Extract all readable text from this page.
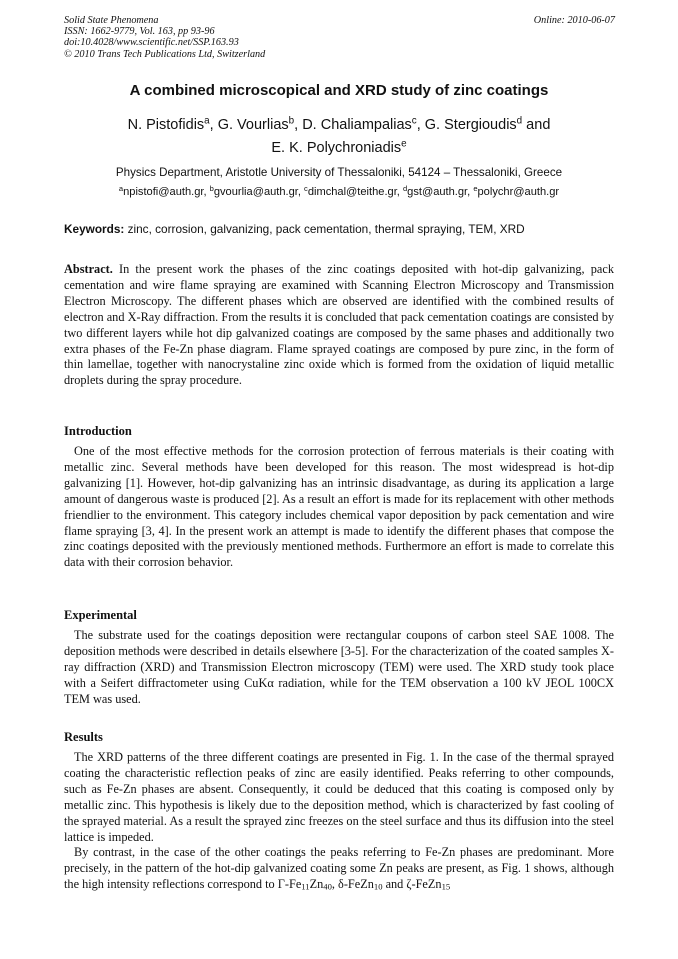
Solid State Phenomena
ISSN: 1662-9779, Vol. 163, pp 93-96
doi:10.4028/www.scientific.net/SSP.163.93
© 2010 Trans Tech Publications Ltd, Switzerland
Online: 2010-06-07
A combined microscopical and XRD study of zinc coatings
N. Pistofidis$^a$, G. Vourlias$^b$, D. Chaliampalias$^c$, G. Stergioudis$^d$ and
E. K. Polychroniadis$^e$
Physics Department, Aristotle University of Thessaloniki, 54124 – Thessaloniki, Greece
$^a$npistofi@auth.gr, $^b$gvourlia@auth.gr, $^c$dimchal@teithe.gr, $^d$gst@auth.gr, $^e$polychr@auth.gr
Keywords: zinc, corrosion, galvanizing, pack cementation, thermal spraying, TEM, XRD

Abstract. In the present work the phases of the zinc coatings deposited with hot-dip galvanizing, pack cementation and wire flame spraying are examined with Scanning Electron Microscopy and Transmission Electron Microscopy. The different phases which are observed are identified with the combined results of electron and X-Ray diffraction. From the results it is concluded that pack cementation coatings are consisted by two different layers while hot dip galvanized coatings are composed by the same phases and additionally two extra phases of the Fe-Zn phase diagram. Flame sprayed coatings are composed by pure zinc, in the form of thin lamellae, together with nanocrystaline zinc oxide which is formed from the oxidation of liquid metallic droplets during the spray procedure.

Introduction

One of the most effective methods for the corrosion protection of ferrous materials is their coating with metallic zinc. Several methods have been developed for this reason. The most widespread is hot-dip galvanizing [1]. However, hot-dip galvanizing has an intrinsic disadvantage, as during its application a large amount of dangerous waste is produced [2]. As a result an effort is made for its replacement with other methods friendlier to the environment. This category includes chemical vapor deposition by pack cementation and wire flame spraying [3, 4]. In the present work an attempt is made to identify the different phases that compose the zinc coatings deposited with the previously mentioned methods. Furthermore an effort is made to correlate this data with their corrosion behavior.

Experimental

The substrate used for the coatings deposition were rectangular coupons of carbon steel SAE 1008. The deposition methods were described in details elsewhere [3-5]. For the characterization of the coated samples X-ray diffraction (XRD) and Transmission Electron microscopy (TEM) were used. The XRD study took place with a Seifert diffractometer using CuKα radiation, while for the TEM observation a 100 kV JEOL 100CX TEM was used.

Results

The XRD patterns of the three different coatings are presented in Fig. 1. In the case of the thermal sprayed coating the characteristic reflection peaks of zinc are easily identified. Peaks referring to other compounds, such as Fe-Zn phases are absent. Consequently, it could be deduced that this coating is composed only by metallic zinc. This hypothesis is likely due to the deposition method, which is characterized by fast cooling of the sprayed material. As a result the sprayed zinc freezes on the steel surface and thus its diffusion into the steel lattice is impeded.

By contrast, in the case of the other coatings the peaks referring to Fe-Zn phases are predominant. More precisely, in the pattern of the hot-dip galvanized coating some Zn peaks are present, as Fig. 1 shows, although the high intensity reflections correspond to $\Gamma-Fe_{11}Zn_{40}$, δ-FeZn$_{10}$ and ζ-FeZn$_{15}$
